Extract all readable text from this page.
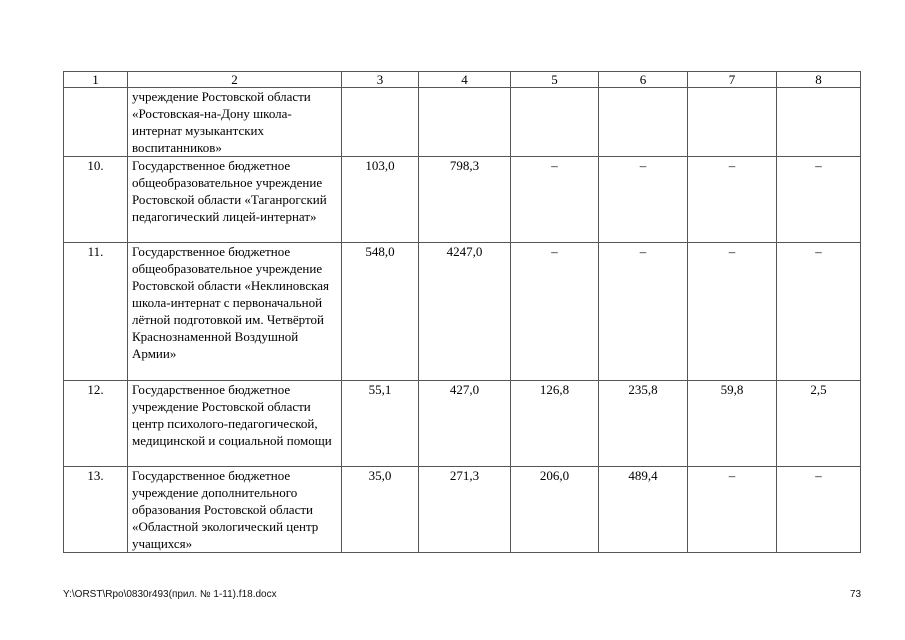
1	2	3	4	5	6	7	8
	учреждение Ростовской области «Ростовская-на-Дону школа-интернат музыкантских воспитанников»						
10.	Государственное бюджетное общеобразовательное учреждение Ростовской области «Таганрогский педагогический лицей-интернат»	103,0	798,3	–	–	–	–
11.	Государственное бюджетное общеобразовательное учреждение Ростовской области «Неклиновская школа-интернат с первоначальной лётной подготовкой им. Четвёртой Краснознаменной Воздушной Армии»	548,0	4247,0	–	–	–	–
12.	Государственное бюджетное учреждение Ростовской области центр психолого-педагогической, медицинской и социальной помощи	55,1	427,0	126,8	235,8	59,8	2,5
13.	Государственное бюджетное учреждение дополнительного образования Ростовской области «Областной экологический центр учащихся»	35,0	271,3	206,0	489,4	–	–
Y:\ORST\Rpo\0830r493(прил. № 1-11).f18.docx	73
